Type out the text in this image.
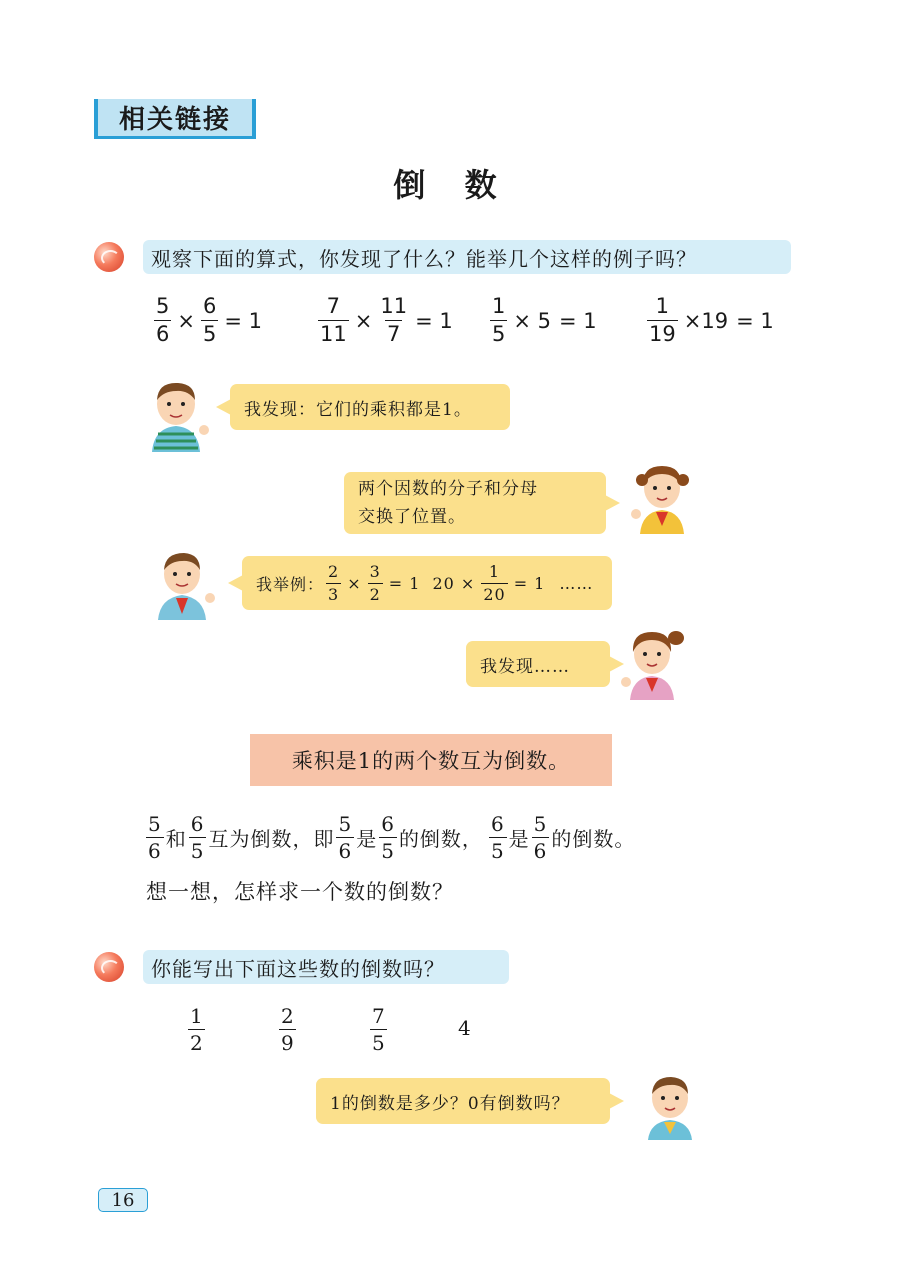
相关链接
倒 数
观察下面的算式，你发现了什么？能举几个这样的例子吗？
$\frac{5}{6} \times \frac{6}{5} = 1$	$\frac{7}{11} \times \frac{11}{7} = 1 \frac{1}{5} \times 5 = 1 \frac{1}{19} \times 19 = 1$
我发现：它们的乘积都是1。
两个因数的分子和分母
交换了位置。
我举例： $\frac{2}{3} \times \frac{3}{2} = 1$ $20 \times \frac{1}{20} = 1$ ……
我发现……
乘积是1的两个数互为倒数。
$\frac{5}{6}$ 和 $\frac{6}{5}$ 互为倒数，即 $\frac{5}{6}$ 是 $\frac{6}{5}$ 的倒数， $\frac{6}{5}$ 是 $\frac{5}{6}$ 的倒数。
想一想，怎样求一个数的倒数？
你能写出下面这些数的倒数吗？
$\frac{1}{2}$	$\frac{2}{9}$	$\frac{7}{5}$	4
1的倒数是多少？0有倒数吗？
16
